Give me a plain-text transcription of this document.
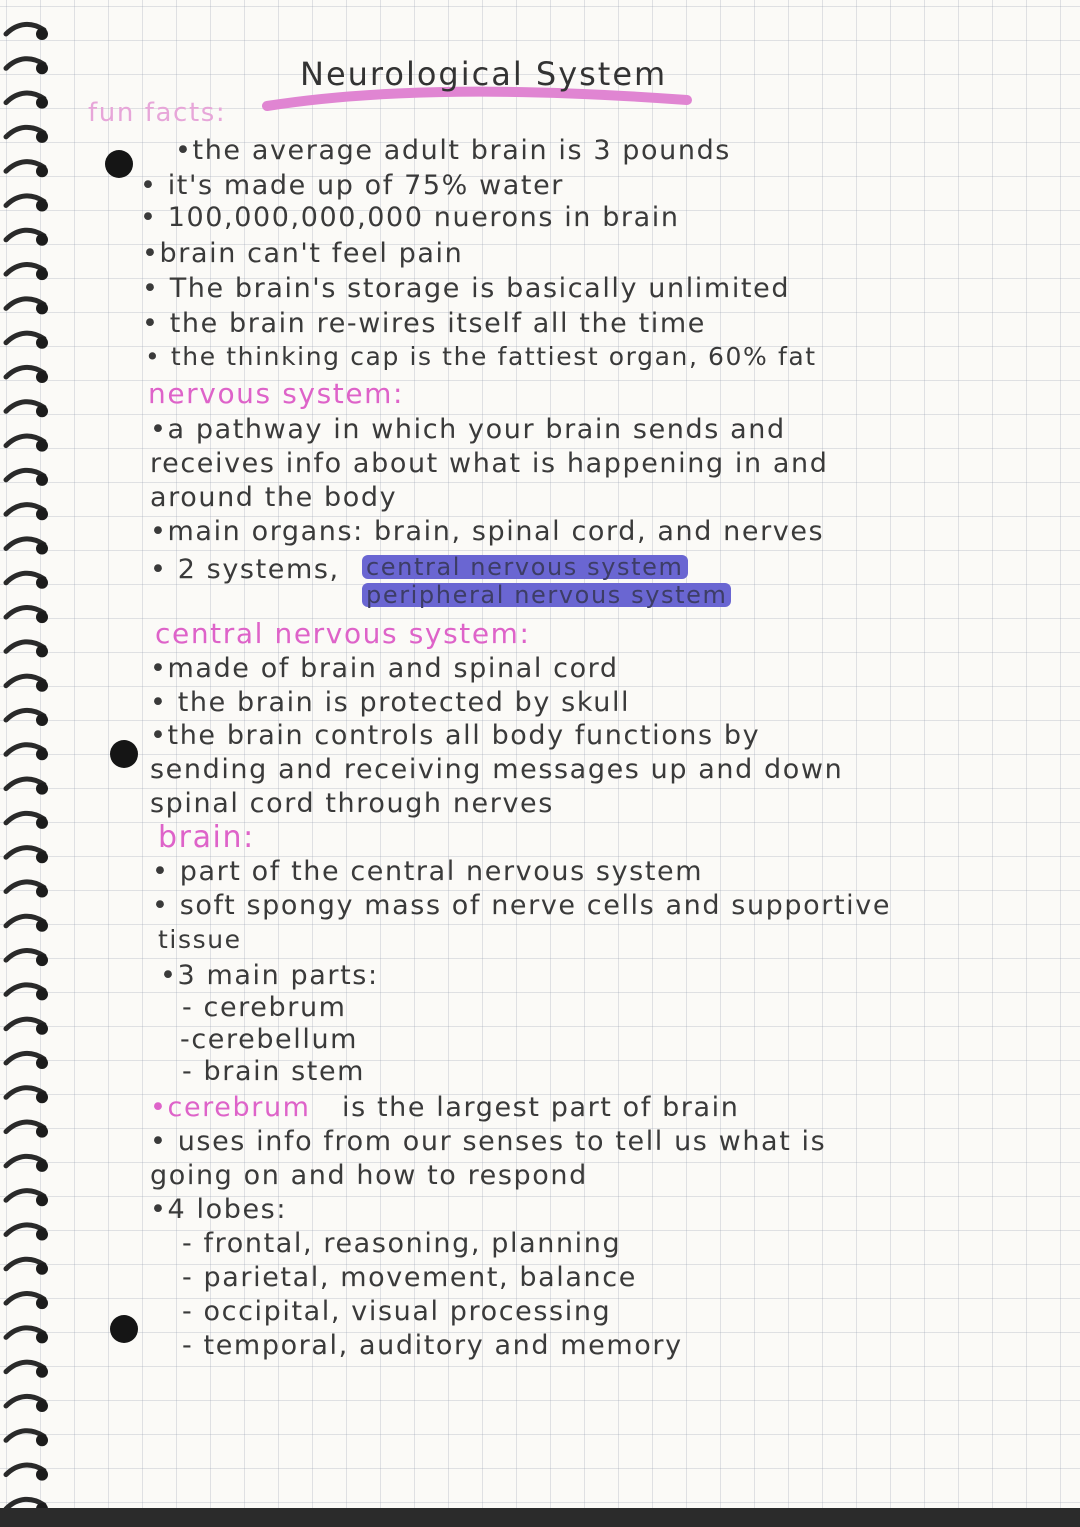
Neurological System
fun facts:
•the average adult brain is 3 pounds
• it's made up of 75% water
• 100,000,000,000 nuerons in brain
•brain can't feel pain
• The brain's storage is basically unlimited
• the brain re-wires itself all the time
• the thinking cap is the fattiest organ, 60% fat
nervous system:
•a pathway in which your brain sends and
receives info about what is happening in and
around the body
•main organs: brain, spinal cord, and nerves
• 2 systems, central nervous system
peripheral nervous system
central nervous system:
•made of brain and spinal cord
• the brain is protected by skull
•the brain controls all body functions by
sending and receiving messages up and down
spinal cord through nerves
brain:
• part of the central nervous system
• soft spongy mass of nerve cells and supportive
tissue
•3 main parts:
- cerebrum
-cerebellum
- brain stem
•cerebrum is the largest part of brain
• uses info from our senses to tell us what is
going on and how to respond
•4 lobes:
- frontal, reasoning, planning
- parietal, movement, balance
- occipital, visual processing
- temporal, auditory and memory
